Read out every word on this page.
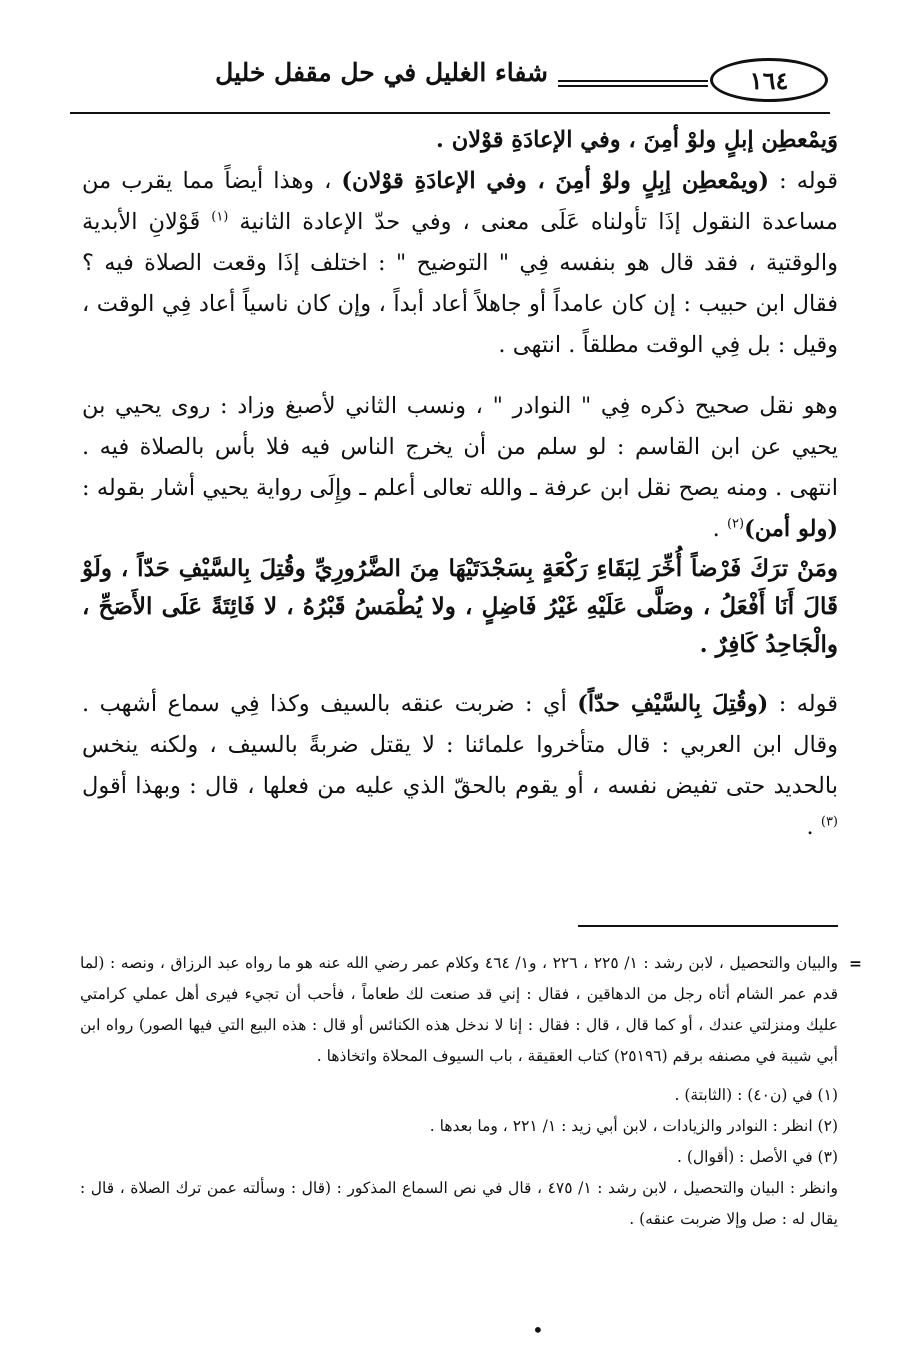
١٦٤
شفاء الغليل في حل مقفل خليل

وَيمْعطِن إبلٍ ولوْ أمِنَ ، وفي الإعادَةِ قوْلان .

قوله : (ويمْعطِن إبِلٍ ولوْ أمِنَ ، وفي الإعادَةِ قوْلان) ، وهذا أيضاً مما يقرب من مساعدة النقول إذَا تأولناه عَلَى معنى ، وفي حدّ الإعادة الثانية $^{(١)}$ قَوْلانِ الأبدية والوقتية ، فقد قال هو بنفسه فِي " التوضيح " : اختلف إذَا وقعت الصلاة فيه ؟ فقال ابن حبيب : إن كان عامداً أو جاهلاً أعاد أبداً ، وإن كان ناسياً أعاد فِي الوقت ، وقيل : بل فِي الوقت مطلقاً . انتهى .

وهو نقل صحيح ذكره فِي " النوادر " ، ونسب الثاني لأصبغ وزاد : روى يحيي بن يحيي عن ابن القاسم : لو سلم من أن يخرج الناس فيه فلا بأس بالصلاة فيه . انتهى . ومنه يصح نقل ابن عرفة ـ والله تعالى أعلم ـ وإِلَى رواية يحيي أشار بقوله : (ولو أمن)$^{(٢)}$ .

ومَنْ ترَكَ فَرْضاً أُخِّرَ لِبَقَاءِ رَكْعَةٍ بِسَجْدَتَيْهَا مِنَ الضَّرُورِيِّ وقُتِلَ بِالسَّيْفِ حَدّاً ، ولَوْ قَالَ أَنَا أَفْعَلُ ، وصَلَّى عَلَيْهِ غَيْرُ فَاضِلٍ ، ولا يُطْمَسُ قَبْرُهُ ، لا فَائِتَةً عَلَى الأَصَحِّ ، والْجَاحِدُ كَافِرٌ .

قوله : (وقُتِلَ بِالسَّيْفِ حدّاً) أي : ضربت عنقه بالسيف وكذا فِي سماع أشهب . وقال ابن العربي : قال متأخروا علمائنا : لا يقتل ضربةً بالسيف ، ولكنه ينخس بالحديد حتى تفيض نفسه ، أو يقوم بالحقّ الذي عليه من فعلها ، قال : وبهذا أقول $^{(٣)}$ .

=
والبيان والتحصيل ، لابن رشد : ١/ ٢٢٥ ، ٢٢٦ ، و١/ ٤٦٤ وكلام عمر رضي الله عنه هو ما رواه عبد الرزاق ، ونصه : (لما قدم عمر الشام أتاه رجل من الدهاقين ، فقال : إني قد صنعت لك طعاماً ، فأحب أن تجيء فيرى أهل عملي كرامتي عليك ومنزلتي عندك ، أو كما قال ، قال : فقال : إنا لا ندخل هذه الكنائس أو قال : هذه البيع التي فيها الصور) رواه ابن أبي شيبة في مصنفه برقم (٢٥١٩٦) كتاب العقيقة ، باب السيوف المحلاة واتخاذها .

(١) في (ن٤٠) : (الثابتة) .

(٢) انظر : النوادر والزيادات ، لابن أبي زيد : ١/ ٢٢١ ، وما بعدها .

(٣) في الأصل : (أقوال) .

وانظر : البيان والتحصيل ، لابن رشد : ١/ ٤٧٥ ، قال في نص السماع المذكور : (قال : وسألته عمن ترك الصلاة ، قال : يقال له : صل وإلا ضربت عنقه) .

•
